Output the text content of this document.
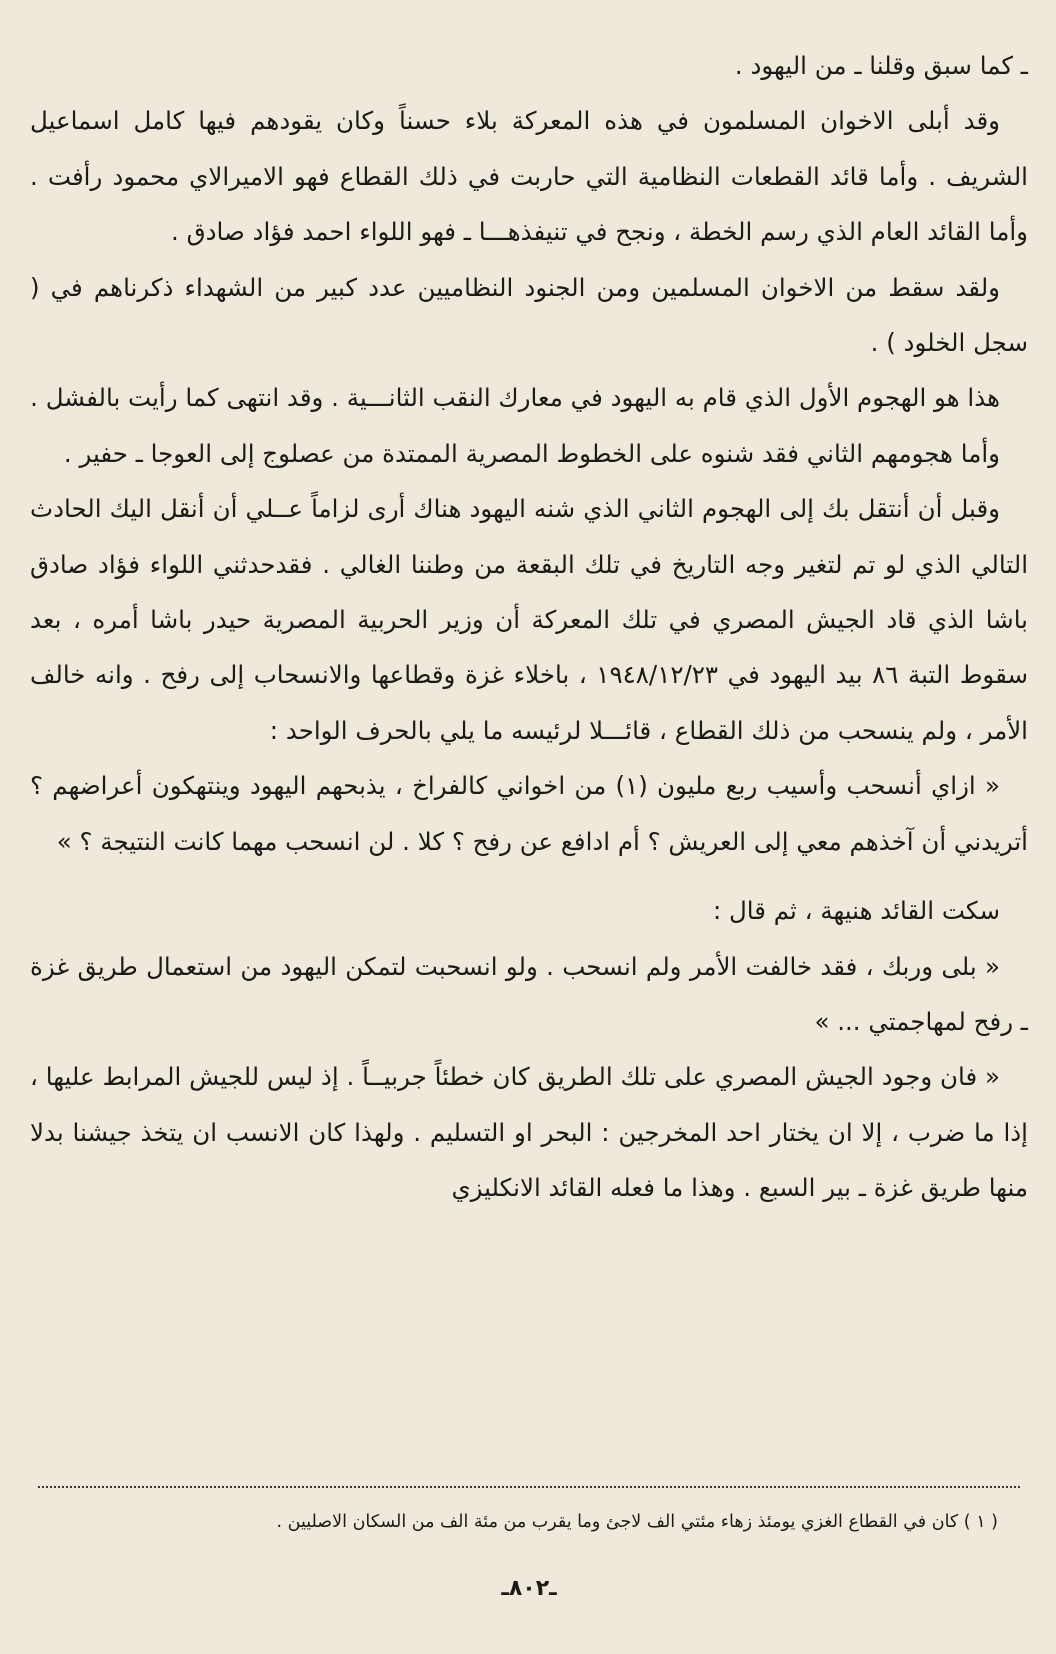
ـ كما سبق وقلنا ـ من اليهود .

وقد أبلى الاخوان المسلمون في هذه المعركة بلاء حسناً وكان يقودهم فيها كامل اسماعيل الشريف . وأما قائد القطعات النظامية التي حاربت في ذلك القطاع فهو الاميرالاي محمود رأفت . وأما القائد العام الذي رسم الخطة ، ونجح في تنيفذهـــا ـ فهو اللواء احمد فؤاد صادق .

ولقد سقط من الاخوان المسلمين ومن الجنود النظاميين عدد كبير من الشهداء ذكرناهم في ( سجل الخلود ) .

هذا هو الهجوم الأول الذي قام به اليهود في معارك النقب الثانـــية . وقد انتهى كما رأيت بالفشل .

وأما هجومهم الثاني فقد شنوه على الخطوط المصرية الممتدة من عصلوج إلى العوجا ـ حفير .

وقبل أن أنتقل بك إلى الهجوم الثاني الذي شنه اليهود هناك أرى لزاماً عــلي أن أنقل اليك الحادث التالي الذي لو تم لتغير وجه التاريخ في تلك البقعة من وطننا الغالي . فقدحدثني اللواء فؤاد صادق باشا الذي قاد الجيش المصري في تلك المعركة أن وزير الحربية المصرية حيدر باشا أمره ، بعد سقوط التبة ٨٦ بيد اليهود في ١٩٤٨/١٢/٢٣ ، باخلاء غزة وقطاعها والانسحاب إلى رفح . وانه خالف الأمر ، ولم ينسحب من ذلك القطاع ، قائـــلا لرئيسه ما يلي بالحرف الواحد :

« ازاي أنسحب وأسيب ربع مليون (١) من اخواني كالفراخ ، يذبحهم اليهود وينتهكون أعراضهم ؟ أتريدني أن آخذهم معي إلى العريش ؟ أم ادافع عن رفح ؟ كلا . لن انسحب مهما كانت النتيجة ؟ »

سكت القائد هنيهة ، ثم قال :

« بلى وربك ، فقد خالفت الأمر ولم انسحب . ولو انسحبت لتمكن اليهود من استعمال طريق غزة ـ رفح لمهاجمتي ... »

« فان وجود الجيش المصري على تلك الطريق كان خطئاً جربيــاً . إذ ليس للجيش المرابط عليها ، إذا ما ضرب ، إلا ان يختار احد المخرجين : البحر او التسليم . ولهذا كان الانسب ان يتخذ جيشنا بدلا منها طريق غزة ـ بير السبع . وهذا ما فعله القائد الانكليزي

( ١ ) كان في القطاع الغزي يومئذ زهاء مئتي الف لاجئ وما يقرب من مئة الف من السكان الاصليين .

ـ٨٠٢ـ
